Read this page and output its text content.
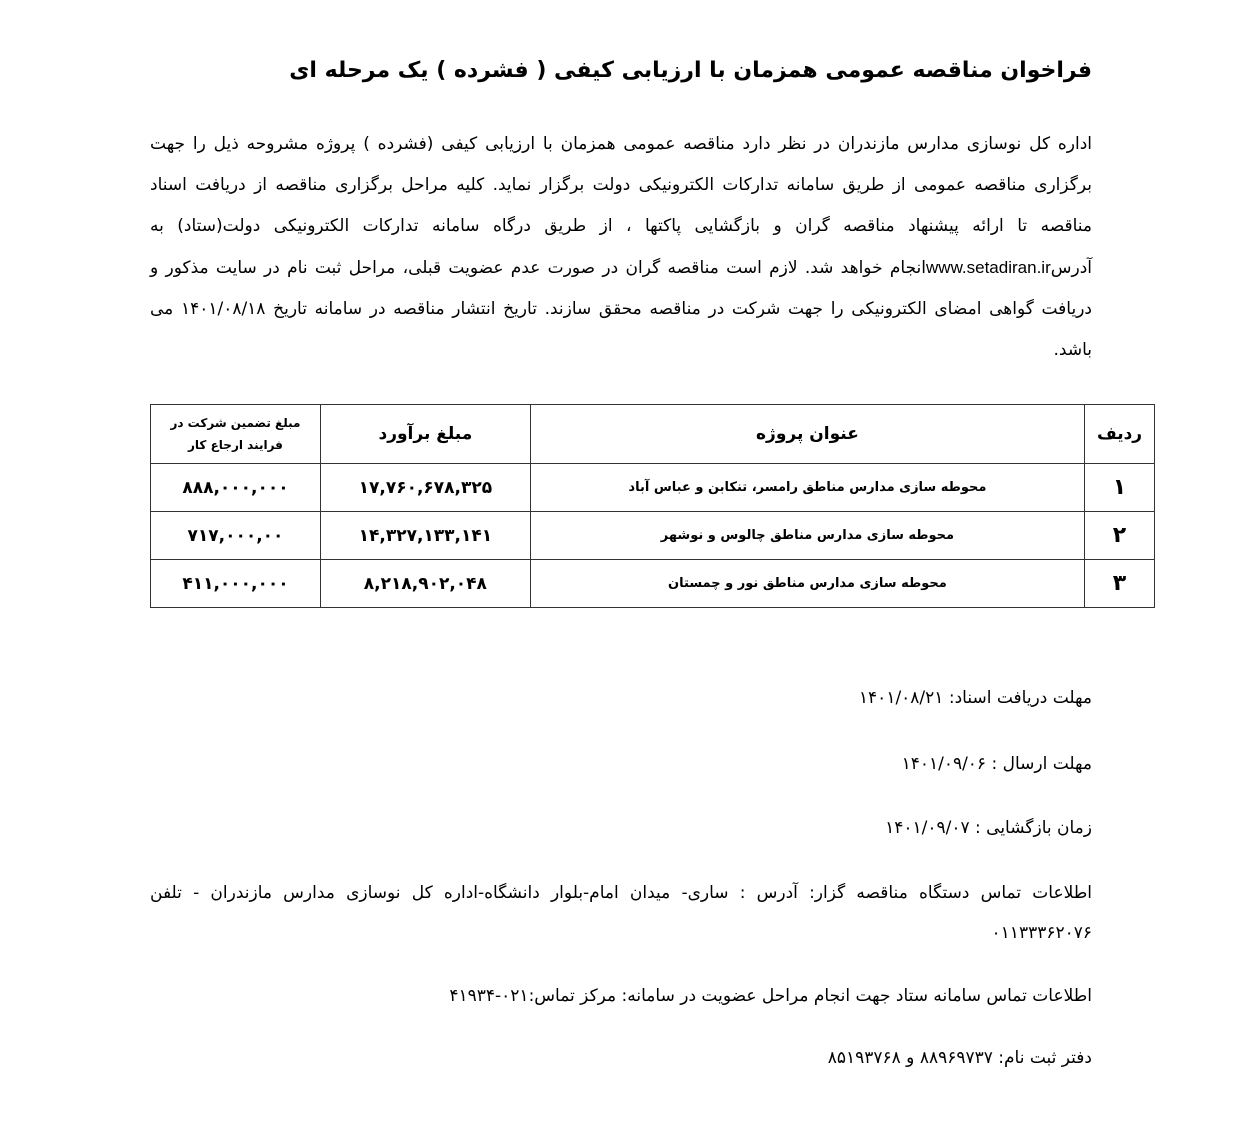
فراخوان مناقصه عمومی همزمان با ارزیابی کیفی ( فشرده ) یک مرحله ای

اداره کل نوسازی مدارس مازندران در نظر دارد مناقصه عمومی همزمان با ارزیابی کیفی (فشرده ) پروژه مشروحه ذیل را جهت برگزاری مناقصه عمومی از طریق سامانه تدارکات الکترونیکی دولت برگزار نماید. کلیه مراحل برگزاری مناقصه از دریافت اسناد مناقصه تا ارائه پیشنهاد مناقصه گران و بازگشایی پاکتها ، از طریق درگاه سامانه تدارکات الکترونیکی دولت(ستاد) به آدرسwww.setadiran.irانجام خواهد شد. لازم است مناقصه گران در صورت عدم عضویت قبلی، مراحل ثبت نام در سایت مذکور و دریافت گواهی امضای الکترونیکی را جهت شرکت در مناقصه محقق سازند. تاریخ انتشار مناقصه در سامانه تاریخ ۱۴۰۱/۰۸/۱۸ می باشد.

ردیف	عنوان پروژه	مبلغ برآورد	مبلغ تضمین شرکت در فرایند ارجاع کار
۱	محوطه سازی مدارس مناطق رامسر، تنکابن و عباس آباد	۱۷,۷۶۰,۶۷۸,۳۲۵	۸۸۸,۰۰۰,۰۰۰
۲	محوطه سازی مدارس مناطق چالوس و نوشهر	۱۴,۳۲۷,۱۳۳,۱۴۱	۷۱۷,۰۰۰,۰۰
۳	محوطه سازی مدارس مناطق نور و چمستان	۸,۲۱۸,۹۰۲,۰۴۸	۴۱۱,۰۰۰,۰۰۰

مهلت دریافت اسناد: ۱۴۰۱/۰۸/۲۱

مهلت ارسال : ۱۴۰۱/۰۹/۰۶

زمان بازگشایی : ۱۴۰۱/۰۹/۰۷

اطلاعات تماس دستگاه مناقصه گزار: آدرس : ساری- میدان امام-بلوار دانشگاه-اداره کل نوسازی مدارس مازندران - تلفن ۰۱۱۳۳۳۶۲۰۷۶

اطلاعات تماس سامانه ستاد جهت انجام مراحل عضویت در سامانه: مرکز تماس:۴۱۹۳۴-۰۲۱

دفتر ثبت نام: ۸۸۹۶۹۷۳۷ و ۸۵۱۹۳۷۶۸
